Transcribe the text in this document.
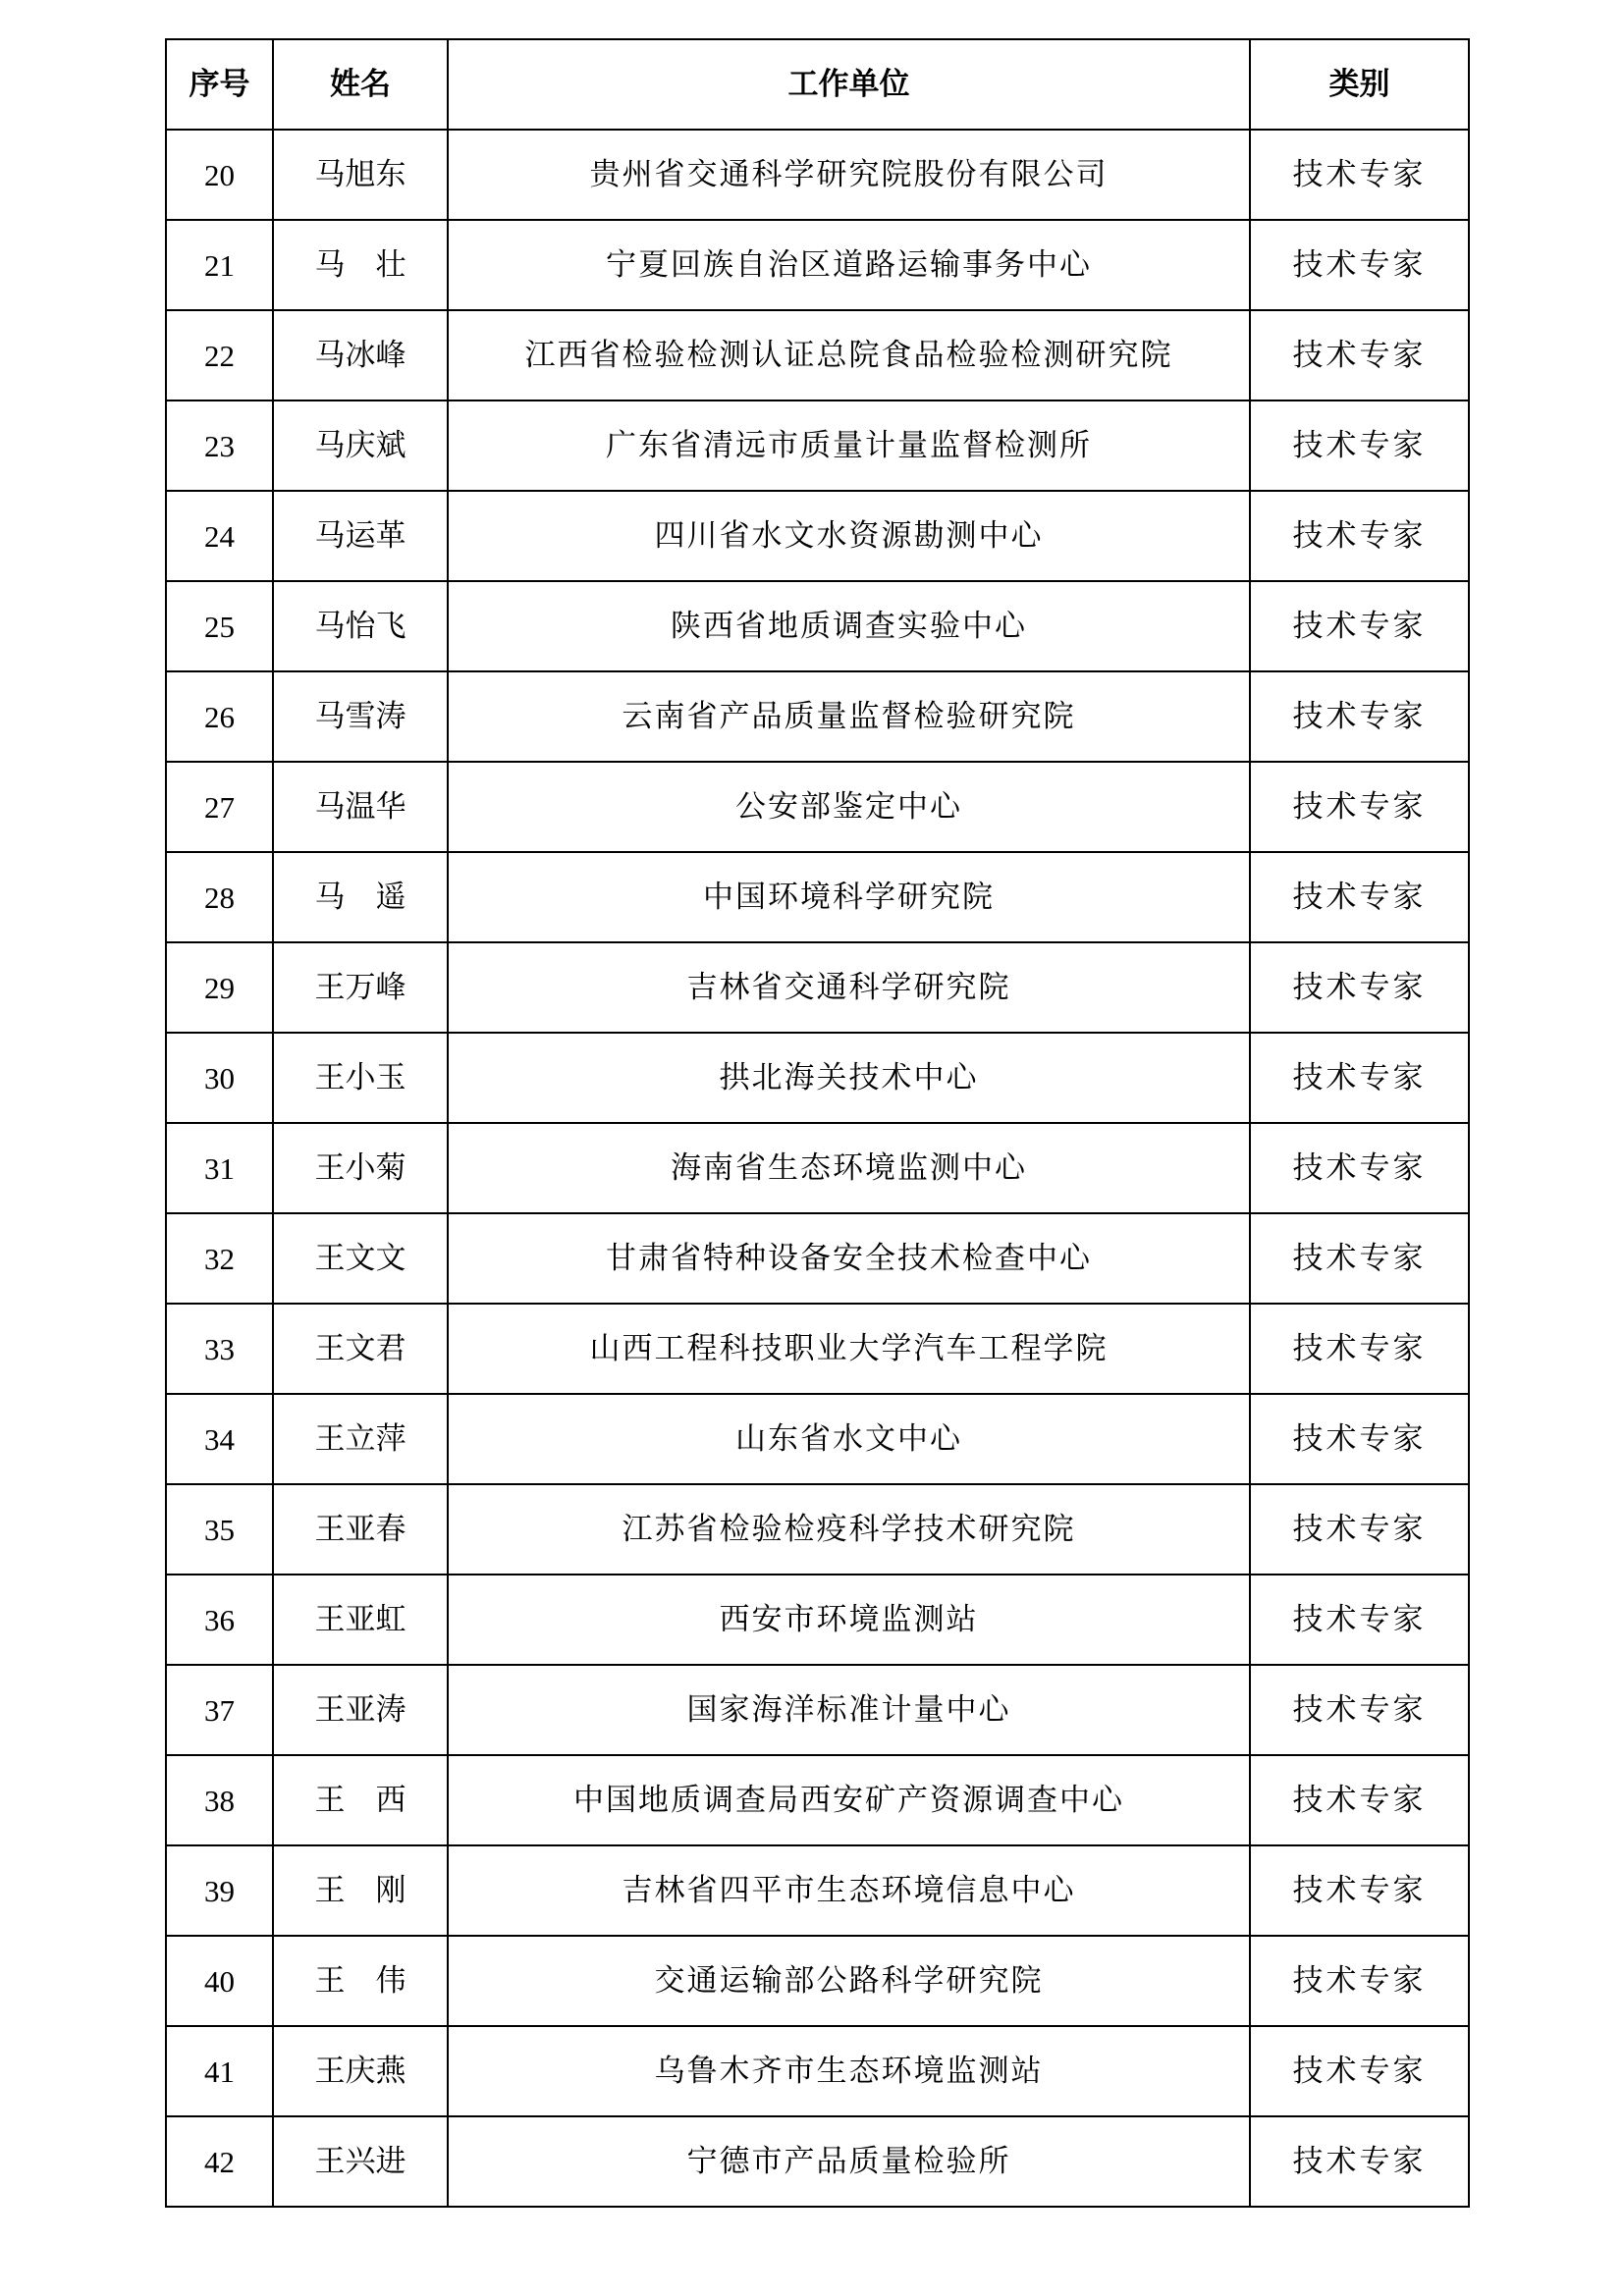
序号	姓名	工作单位	类别
20	马旭东	贵州省交通科学研究院股份有限公司	技术专家
21	马　壮	宁夏回族自治区道路运输事务中心	技术专家
22	马冰峰	江西省检验检测认证总院食品检验检测研究院	技术专家
23	马庆斌	广东省清远市质量计量监督检测所	技术专家
24	马运革	四川省水文水资源勘测中心	技术专家
25	马怡飞	陕西省地质调查实验中心	技术专家
26	马雪涛	云南省产品质量监督检验研究院	技术专家
27	马温华	公安部鉴定中心	技术专家
28	马　遥	中国环境科学研究院	技术专家
29	王万峰	吉林省交通科学研究院	技术专家
30	王小玉	拱北海关技术中心	技术专家
31	王小菊	海南省生态环境监测中心	技术专家
32	王文文	甘肃省特种设备安全技术检查中心	技术专家
33	王文君	山西工程科技职业大学汽车工程学院	技术专家
34	王立萍	山东省水文中心	技术专家
35	王亚春	江苏省检验检疫科学技术研究院	技术专家
36	王亚虹	西安市环境监测站	技术专家
37	王亚涛	国家海洋标准计量中心	技术专家
38	王　西	中国地质调查局西安矿产资源调查中心	技术专家
39	王　刚	吉林省四平市生态环境信息中心	技术专家
40	王　伟	交通运输部公路科学研究院	技术专家
41	王庆燕	乌鲁木齐市生态环境监测站	技术专家
42	王兴进	宁德市产品质量检验所	技术专家
